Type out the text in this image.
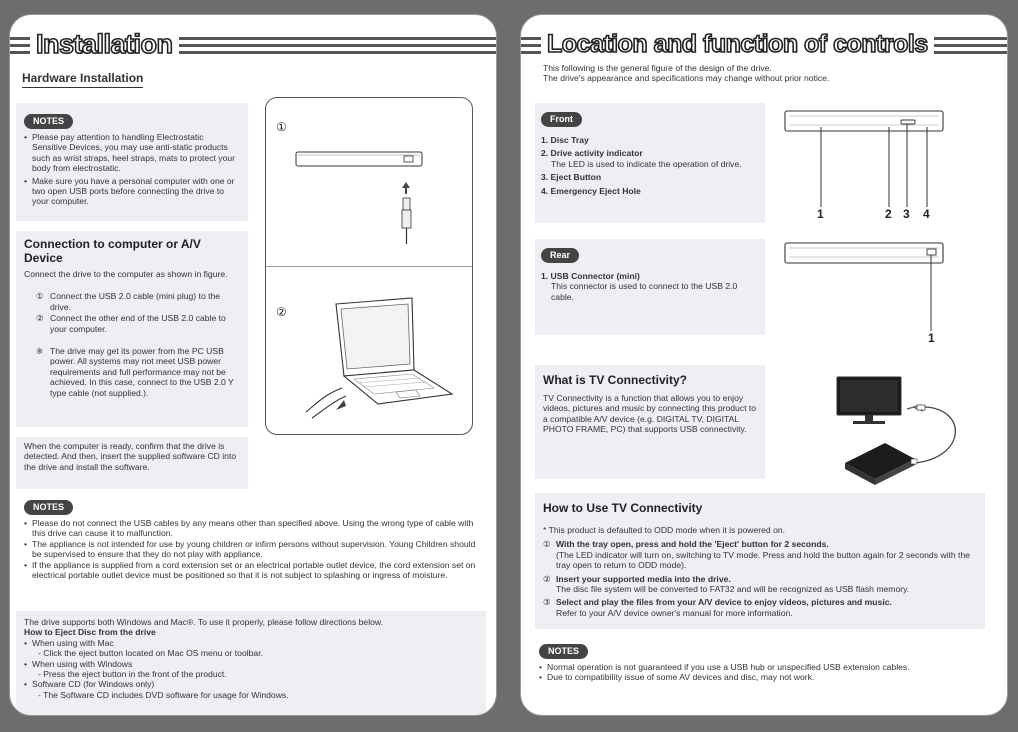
Installation
Hardware Installation
NOTES
• Please pay attention to handling Electrostatic Sensitive Devices, you may use anti-static products such as wrist straps, heel straps, mats to protect your body from electrostatic.
• Make sure you have a personal computer with one or two open USB ports before connecting the drive to your computer.
Connection to computer or A/V Device
Connect the drive to the computer as shown in figure.
① Connect the USB 2.0 cable (mini plug) to the drive.
② Connect the other end of the USB 2.0 cable to your computer.
※ The drive may get its power from the PC USB power. All systems may not meet USB power requirements and full performance may not be achieved. In this case, connect to the USB 2.0 Y type cable (not supplied.).
①
②
When the computer is ready, confirm that the drive is detected. And then, insert the supplied software CD into the drive and install the software.
NOTES
• Please do not connect the USB cables by any means other than specified above. Using the wrong type of cable with this drive can cause it to malfunction.
• The appliance is not intended for use by young children or infirm persons without supervision. Young Children should be supervised to ensure that they do not play with appliance.
• If the appliance is supplied from a cord extension set or an electrical portable outlet device, the cord extension set on electrical portable outlet device must be positioned so that it is not subject to splashing or ingress of moisture.
The drive supports both Windows and Mac®. To use it properly, please follow directions below.
How to Eject Disc from the drive
• When using with Mac
- Click the eject button located on Mac OS menu or toolbar.
• When using with Windows
- Press the eject button in the front of the product.
• Software CD (for Windows only)
- The Software CD includes DVD software for usage for Windows.
Location and function of controls
This following is the general figure of the design of the drive.
The drive's appearance and specifications may change without prior notice.
Front
1. Disc Tray
2. Drive activity indicator
The LED is used to indicate the operation of drive.
3. Eject Button
4. Emergency Eject Hole
1	2 3 4
Rear
1. USB Connector (mini)
This connector is used to connect to the USB 2.0 cable.
1
What is TV Connectivity?
TV Connectivity is a function that allows you to enjoy videos, pictures and music by connecting this product to a compatible A/V device (e.g. DIGITAL TV, DIGITAL PHOTO FRAME, PC) that supports USB connectivity.
How to Use TV Connectivity
* This product is defaulted to ODD mode when it is powered on.
① With the tray open, press and hold the 'Eject' button for 2 seconds.
(The LED indicator will turn on, switching to TV mode. Press and hold the button again for 2 seconds with the tray open to return to ODD mode).
② Insert your supported media into the drive.
The disc file system will be converted to FAT32 and will be recognized as USB flash memory.
③ Select and play the files from your A/V device to enjoy videos, pictures and music.
Refer to your A/V device owner's manual for more information.
NOTES
• Normal operation is not guaranteed if you use a USB hub or unspecified USB extension cables.
• Due to compatibility issue of some AV devices and disc, may not work.
